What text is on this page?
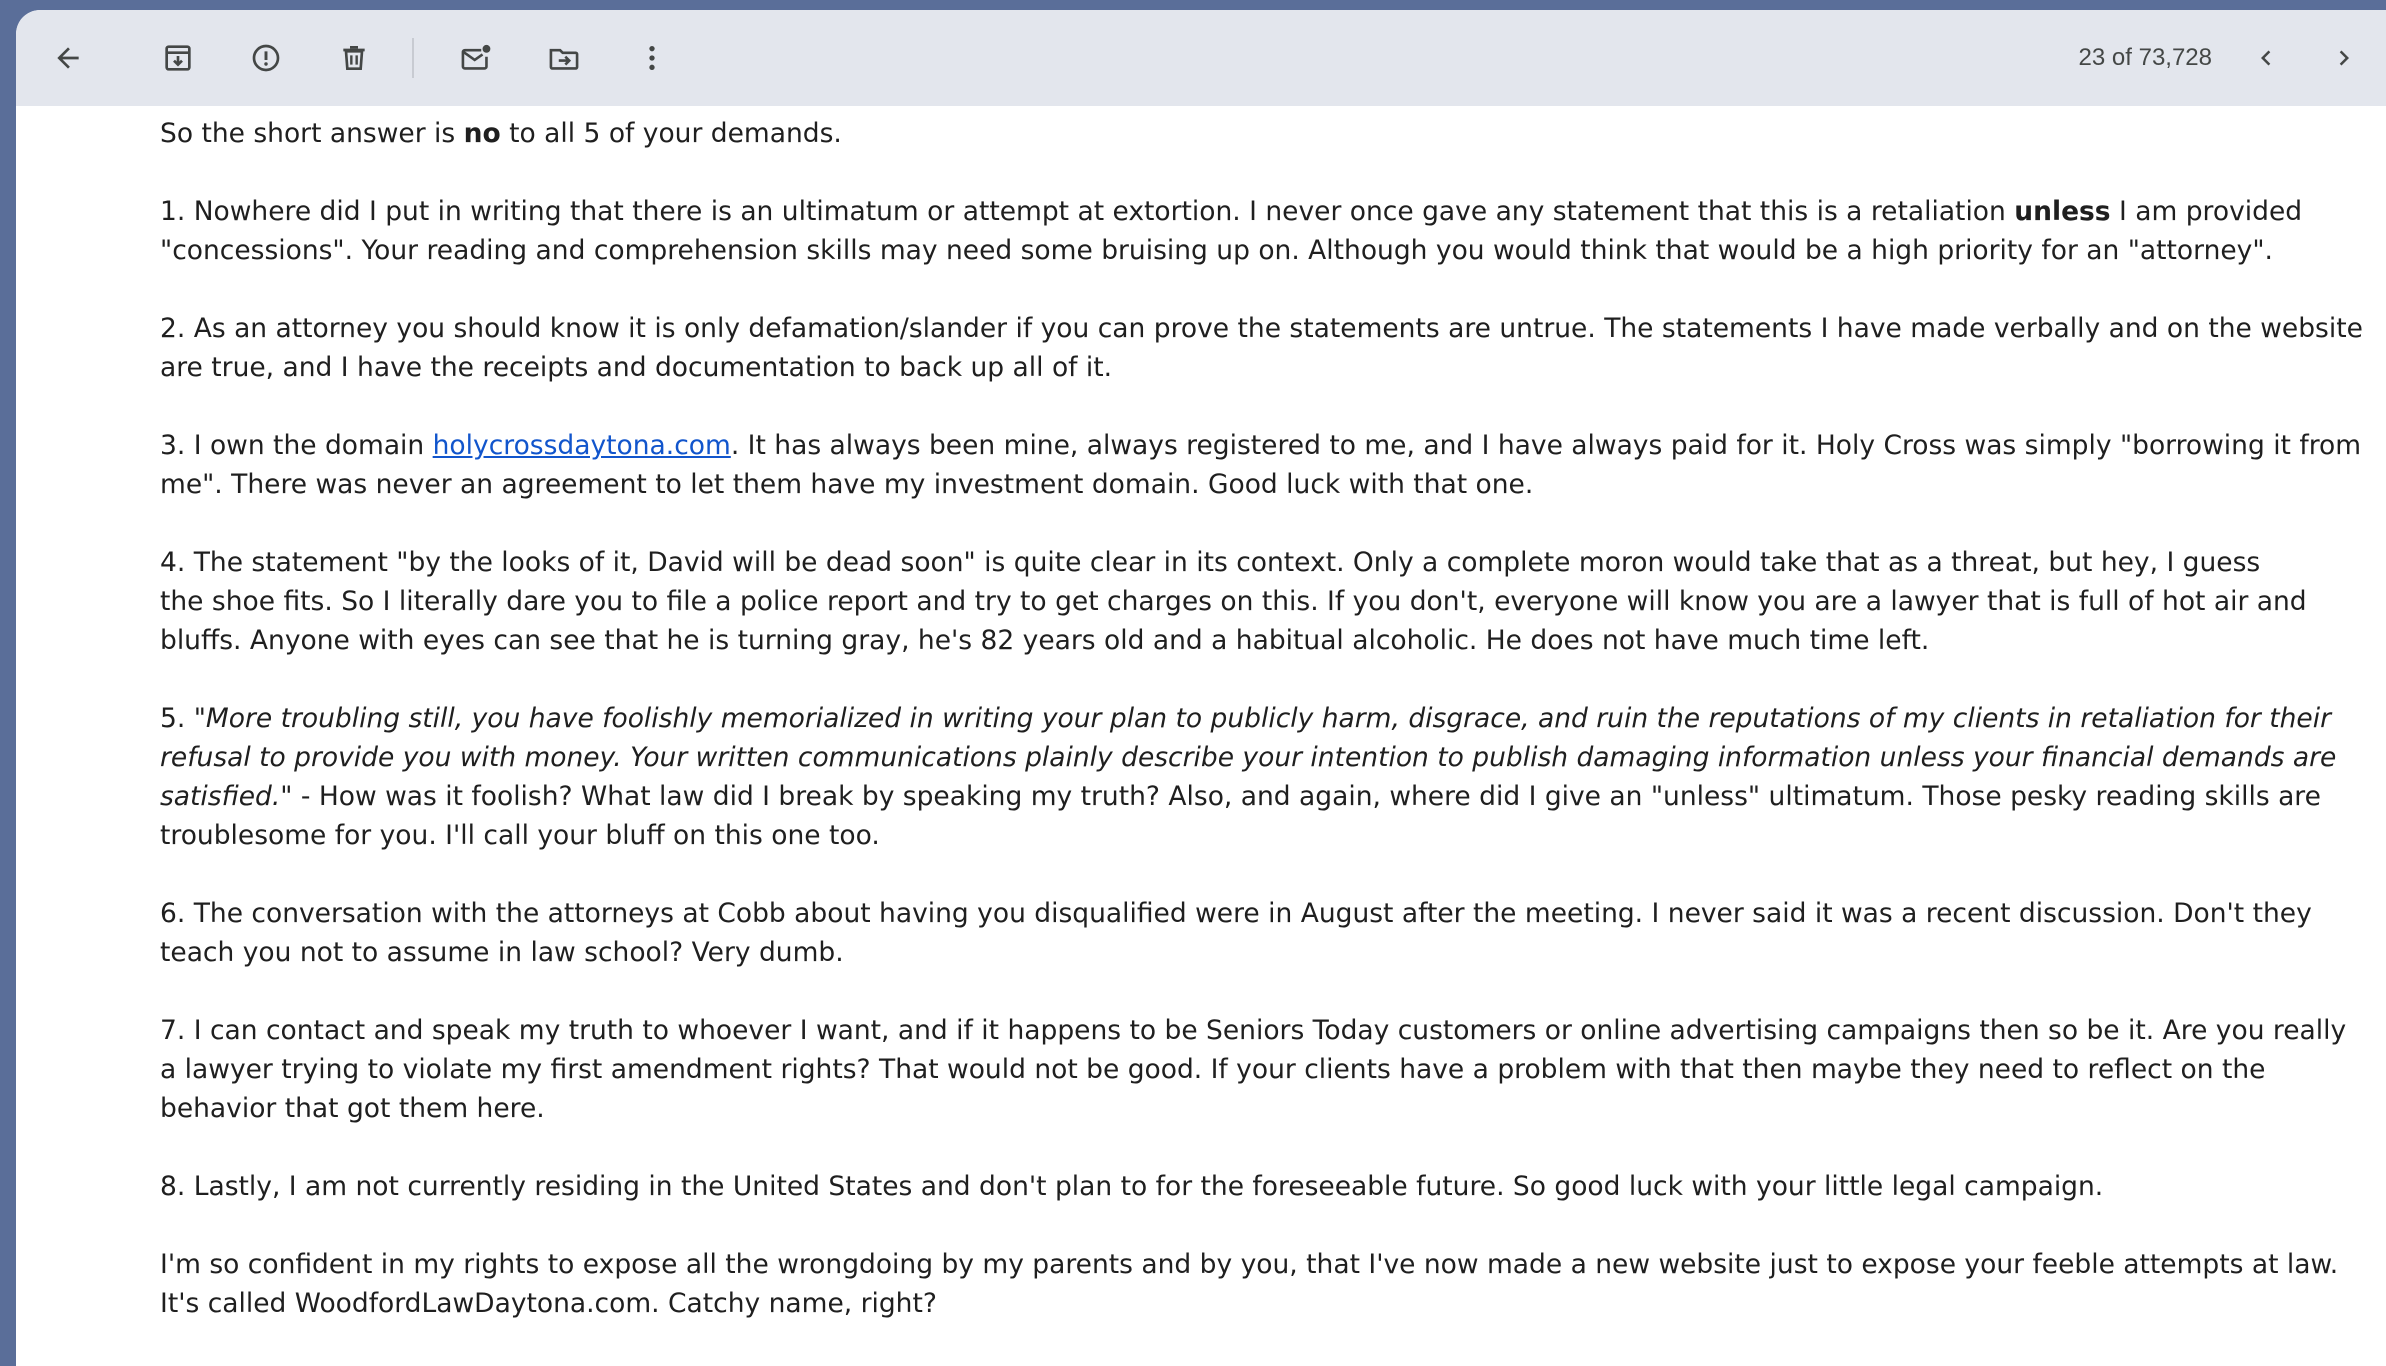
23 of 73,728

So the short answer is no to all 5 of your demands.

1. Nowhere did I put in writing that there is an ultimatum or attempt at extortion. I never once gave any statement that this is a retaliation unless I am provided "concessions". Your reading and comprehension skills may need some bruising up on. Although you would think that would be a high priority for an "attorney".

2. As an attorney you should know it is only defamation/slander if you can prove the statements are untrue. The statements I have made verbally and on the website are true, and I have the receipts and documentation to back up all of it.

3. I own the domain holycrossdaytona.com. It has always been mine, always registered to me, and I have always paid for it. Holy Cross was simply "borrowing it from me". There was never an agreement to let them have my investment domain. Good luck with that one.

4. The statement "by the looks of it, David will be dead soon" is quite clear in its context. Only a complete moron would take that as a threat, but hey, I guess
the shoe fits. So I literally dare you to file a police report and try to get charges on this. If you don't, everyone will know you are a lawyer that is full of hot air and bluffs. Anyone with eyes can see that he is turning gray, he's 82 years old and a habitual alcoholic. He does not have much time left.

5. "More troubling still, you have foolishly memorialized in writing your plan to publicly harm, disgrace, and ruin the reputations of my clients in retaliation for their refusal to provide you with money. Your written communications plainly describe your intention to publish damaging information unless your financial demands are satisfied." - How was it foolish? What law did I break by speaking my truth? Also, and again, where did I give an "unless" ultimatum. Those pesky reading skills are troublesome for you. I'll call your bluff on this one too.

6. The conversation with the attorneys at Cobb about having you disqualified were in August after the meeting. I never said it was a recent discussion. Don't they teach you not to assume in law school? Very dumb.

7. I can contact and speak my truth to whoever I want, and if it happens to be Seniors Today customers or online advertising campaigns then so be it. Are you really a lawyer trying to violate my first amendment rights? That would not be good. If your clients have a problem with that then maybe they need to reflect on the behavior that got them here.

8. Lastly, I am not currently residing in the United States and don't plan to for the foreseeable future. So good luck with your little legal campaign.

I'm so confident in my rights to expose all the wrongdoing by my parents and by you, that I've now made a new website just to expose your feeble attempts at law.
It's called WoodfordLawDaytona.com. Catchy name, right?
